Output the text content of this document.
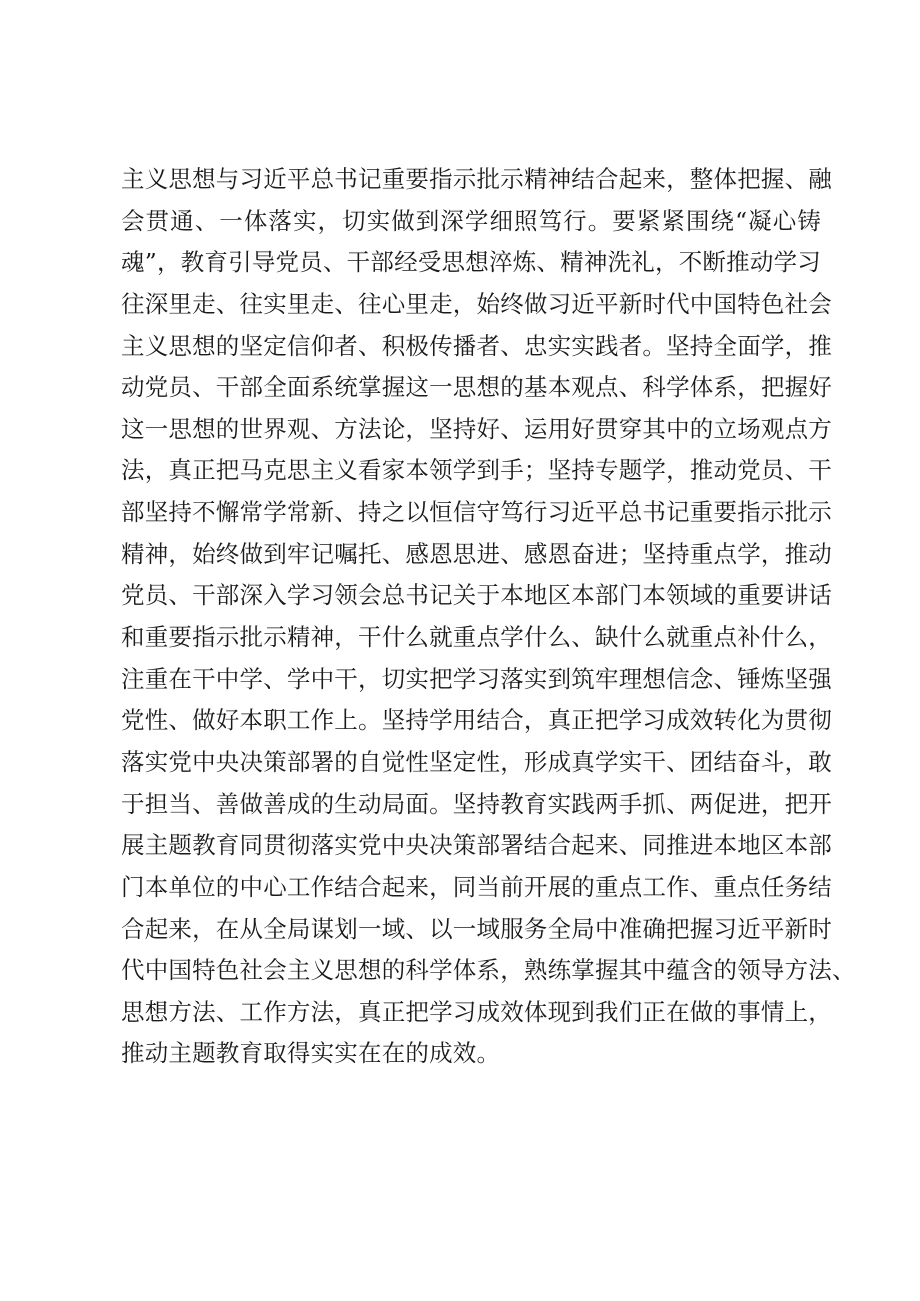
主义思想与习近平总书记重要指示批示精神结合起来，整体把握、融
会贯通、一体落实，切实做到深学细照笃行。要紧紧围绕“凝心铸
魂”，教育引导党员、干部经受思想淬炼、精神洗礼，不断推动学习
往深里走、往实里走、往心里走，始终做习近平新时代中国特色社会
主义思想的坚定信仰者、积极传播者、忠实实践者。坚持全面学，推
动党员、干部全面系统掌握这一思想的基本观点、科学体系，把握好
这一思想的世界观、方法论，坚持好、运用好贯穿其中的立场观点方
法，真正把马克思主义看家本领学到手；坚持专题学，推动党员、干
部坚持不懈常学常新、持之以恒信守笃行习近平总书记重要指示批示
精神，始终做到牢记嘱托、感恩思进、感恩奋进；坚持重点学，推动
党员、干部深入学习领会总书记关于本地区本部门本领域的重要讲话
和重要指示批示精神，干什么就重点学什么、缺什么就重点补什么，
注重在干中学、学中干，切实把学习落实到筑牢理想信念、锤炼坚强
党性、做好本职工作上。坚持学用结合，真正把学习成效转化为贯彻
落实党中央决策部署的自觉性坚定性，形成真学实干、团结奋斗，敢
于担当、善做善成的生动局面。坚持教育实践两手抓、两促进，把开
展主题教育同贯彻落实党中央决策部署结合起来、同推进本地区本部
门本单位的中心工作结合起来，同当前开展的重点工作、重点任务结
合起来，在从全局谋划一域、以一域服务全局中准确把握习近平新时
代中国特色社会主义思想的科学体系，熟练掌握其中蕴含的领导方法、
思想方法、工作方法，真正把学习成效体现到我们正在做的事情上，
推动主题教育取得实实在在的成效。
